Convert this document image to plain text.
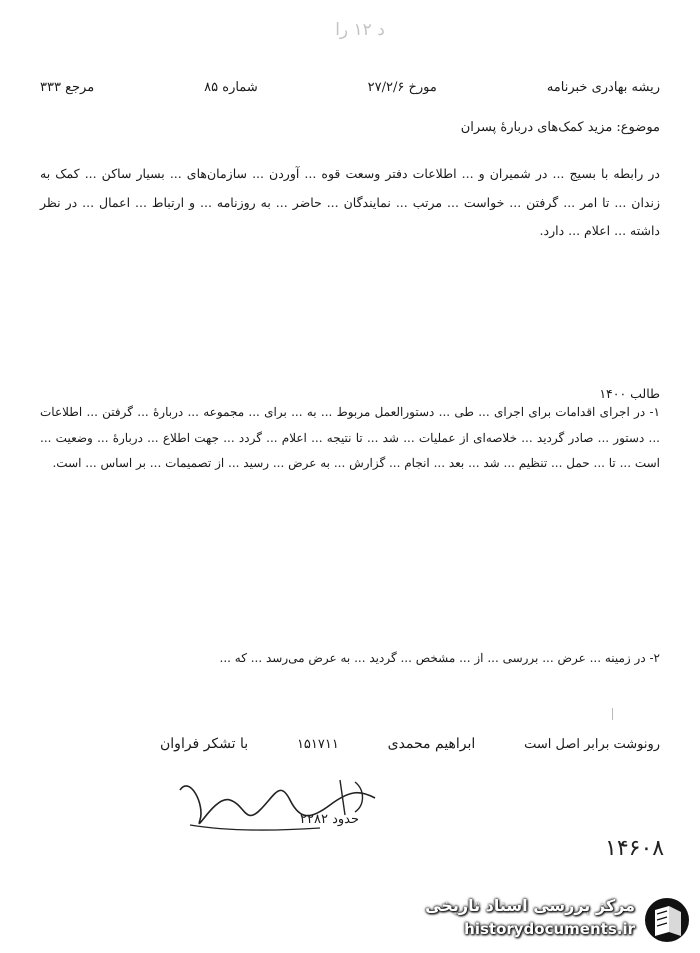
د ۱۲ را
ریشه بهادری خبرنامه
مورخ ۲۷/۲/۶
شماره ۸۵
مرجع ۳۳۳
موضوع: مزید کمک‌های دربارهٔ پسران
در رابطه با بسیج ... در شمیران و ... اطلاعات دفتر وسعت قوه ... آوردن ... سازمان‌های ... بسیار ساکن ... کمک به زندان ... تا امر ... گرفتن ... خواست ... مرتب ... نمایندگان ... حاضر ... به روزنامه ... و ارتباط ... اعمال ... در نظر داشته ... اعلام ... دارد.
طالب ۱۴۰۰
۱- در اجرای اقدامات برای اجرای ... طی ... دستورالعمل مربوط ... به ... برای ... مجموعه ... دربارهٔ ... گرفتن ... اطلاعات ... دستور ... صادر گردید ... خلاصه‌ای از عملیات ... شد ... تا نتیجه ... اعلام ... گردد ... جهت اطلاع ... دربارهٔ ... وضعیت ... است ... تا ... حمل ... تنظیم ... شد ... بعد ... انجام ... گزارش ... به عرض ... رسید ... از تصمیمات ... بر اساس ... است.
۲- در زمینه ... عرض ... بررسی ... از ... مشخص ... گردید ... به عرض می‌رسد ... که ...
رونوشت برابر اصل است
ابراهیم محمدی
۱۵۱۷۱۱
با تشکر فراوان
حدود ۲۲۸۲
۱۴۶۰۸
مرکز بررسی اسناد تاریخی
historydocuments.ir
